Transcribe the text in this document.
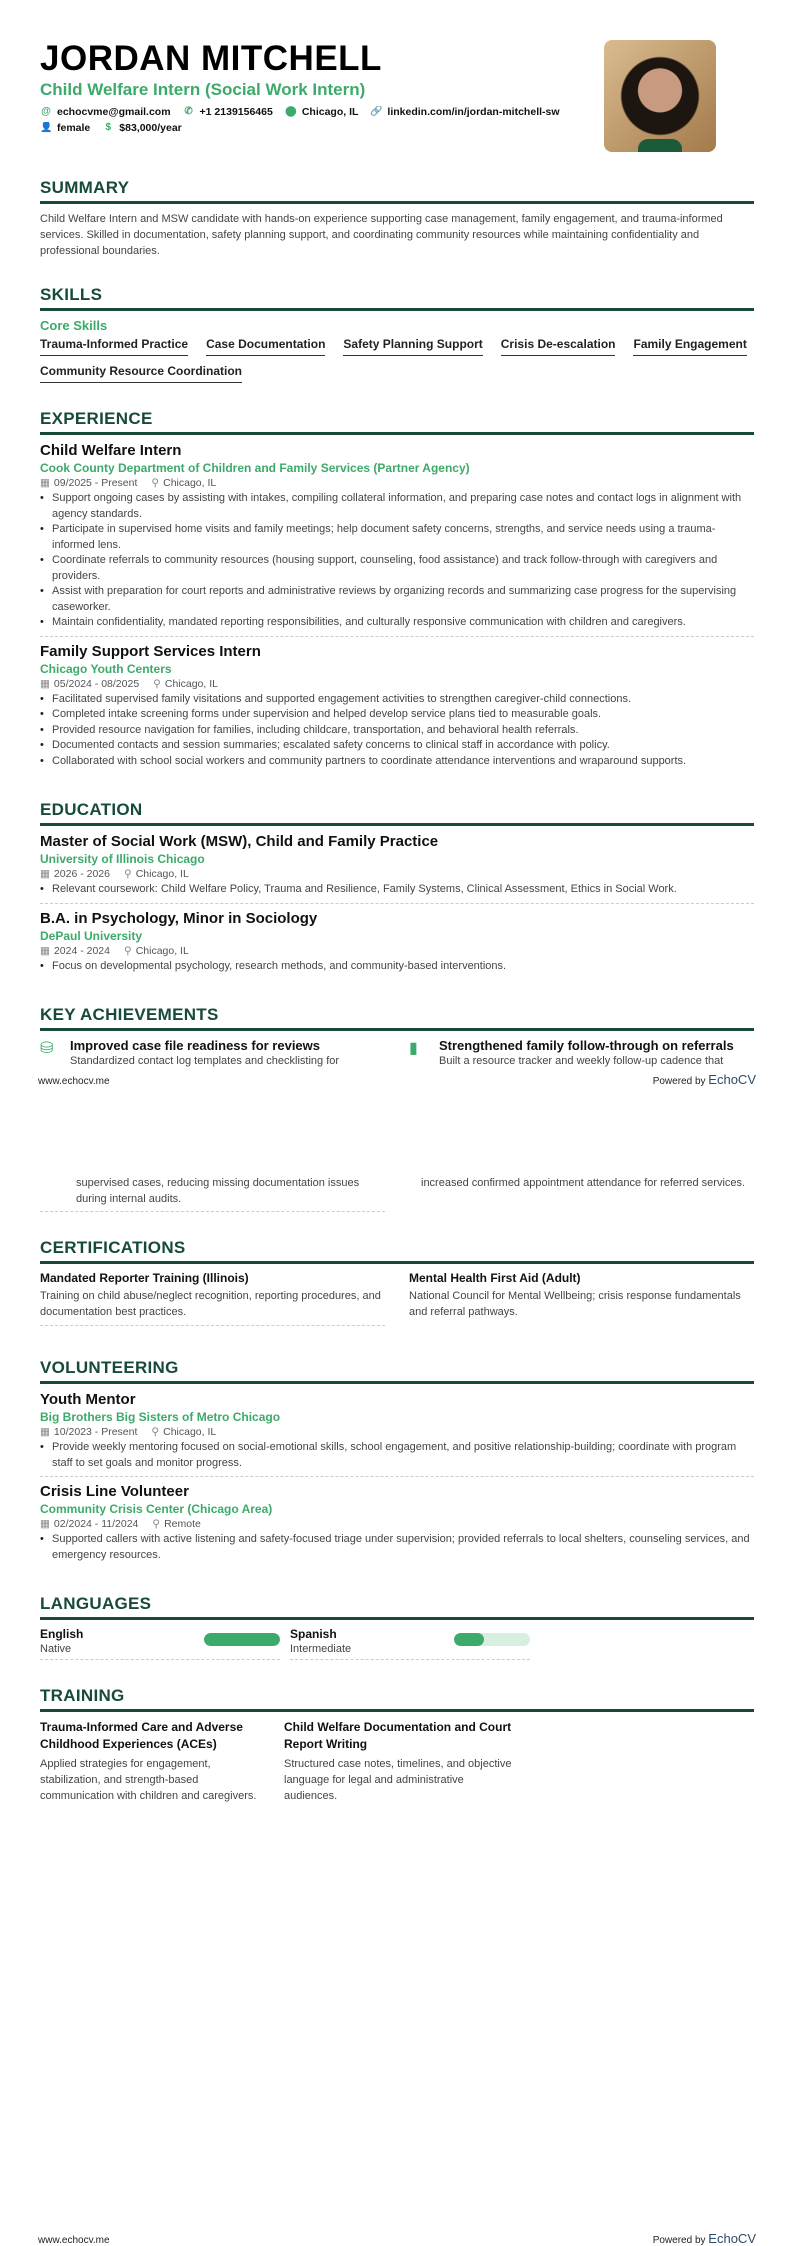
JORDAN MITCHELL
Child Welfare Intern (Social Work Intern)
@ echocvme@gmail.com ✆ +1 2139156465 ⬤ Chicago, IL 🔗 linkedin.com/in/jordan-mitchell-sw
👤 female	$ $83,000/year
SUMMARY

Child Welfare Intern and MSW candidate with hands-on experience supporting case management, family engagement, and trauma-informed services. Skilled in documentation, safety planning support, and coordinating community resources while maintaining confidentiality and professional boundaries.

SKILLS
Core Skills
Trauma-Informed Practice Case Documentation Safety Planning Support Crisis De-escalation Family Engagement
Community Resource Coordination
EXPERIENCE
Child Welfare Intern
Cook County Department of Children and Family Services (Partner Agency)
▦ 09/2025 - Present ⚲ Chicago, IL
• Support ongoing cases by assisting with intakes, compiling collateral information, and preparing case notes and contact logs in alignment with agency standards.
• Participate in supervised home visits and family meetings; help document safety concerns, strengths, and service needs using a trauma-informed lens.
• Coordinate referrals to community resources (housing support, counseling, food assistance) and track follow-through with caregivers and providers.
• Assist with preparation for court reports and administrative reviews by organizing records and summarizing case progress for the supervising caseworker.
• Maintain confidentiality, mandated reporting responsibilities, and culturally responsive communication with children and caregivers.
Family Support Services Intern
Chicago Youth Centers
▦ 05/2024 - 08/2025 ⚲ Chicago, IL
• Facilitated supervised family visitations and supported engagement activities to strengthen caregiver-child connections.
• Completed intake screening forms under supervision and helped develop service plans tied to measurable goals.
• Provided resource navigation for families, including childcare, transportation, and behavioral health referrals.
• Documented contacts and session summaries; escalated safety concerns to clinical staff in accordance with policy.
• Collaborated with school social workers and community partners to coordinate attendance interventions and wraparound supports.
EDUCATION
Master of Social Work (MSW), Child and Family Practice
University of Illinois Chicago
▦ 2026 - 2026 ⚲ Chicago, IL
• Relevant coursework: Child Welfare Policy, Trauma and Resilience, Family Systems, Clinical Assessment, Ethics in Social Work.
B.A. in Psychology, Minor in Sociology
DePaul University
▦ 2024 - 2024 ⚲ Chicago, IL
• Focus on developmental psychology, research methods, and community-based interventions.
KEY ACHIEVEMENTS
⛁ Improved case file readiness for reviews
Standardized contact log templates and checklisting for
▮	Strengthened family follow-through on referrals
Built a resource tracker and weekly follow-up cadence that
www.echocv.me	Powered by EchoCV
supervised cases, reducing missing documentation issues during internal audits.
increased confirmed appointment attendance for referred services.
CERTIFICATIONS
Mandated Reporter Training (Illinois)
Training on child abuse/neglect recognition, reporting procedures, and documentation best practices.
Mental Health First Aid (Adult)
National Council for Mental Wellbeing; crisis response fundamentals and referral pathways.
VOLUNTEERING
Youth Mentor
Big Brothers Big Sisters of Metro Chicago
▦ 10/2023 - Present ⚲ Chicago, IL
• Provide weekly mentoring focused on social-emotional skills, school engagement, and positive relationship-building; coordinate with program staff to set goals and monitor progress.
Crisis Line Volunteer
Community Crisis Center (Chicago Area)
▦ 02/2024 - 11/2024 ⚲ Remote
• Supported callers with active listening and safety-focused triage under supervision; provided referrals to local shelters, counseling services, and emergency resources.
LANGUAGES
English
Native
Spanish
Intermediate
TRAINING
Trauma-Informed Care and Adverse Childhood Experiences (ACEs)
Applied strategies for engagement, stabilization, and strength-based communication with children and caregivers.
Child Welfare Documentation and Court Report Writing
Structured case notes, timelines, and objective language for legal and administrative audiences.
www.echocv.me	Powered by EchoCV
